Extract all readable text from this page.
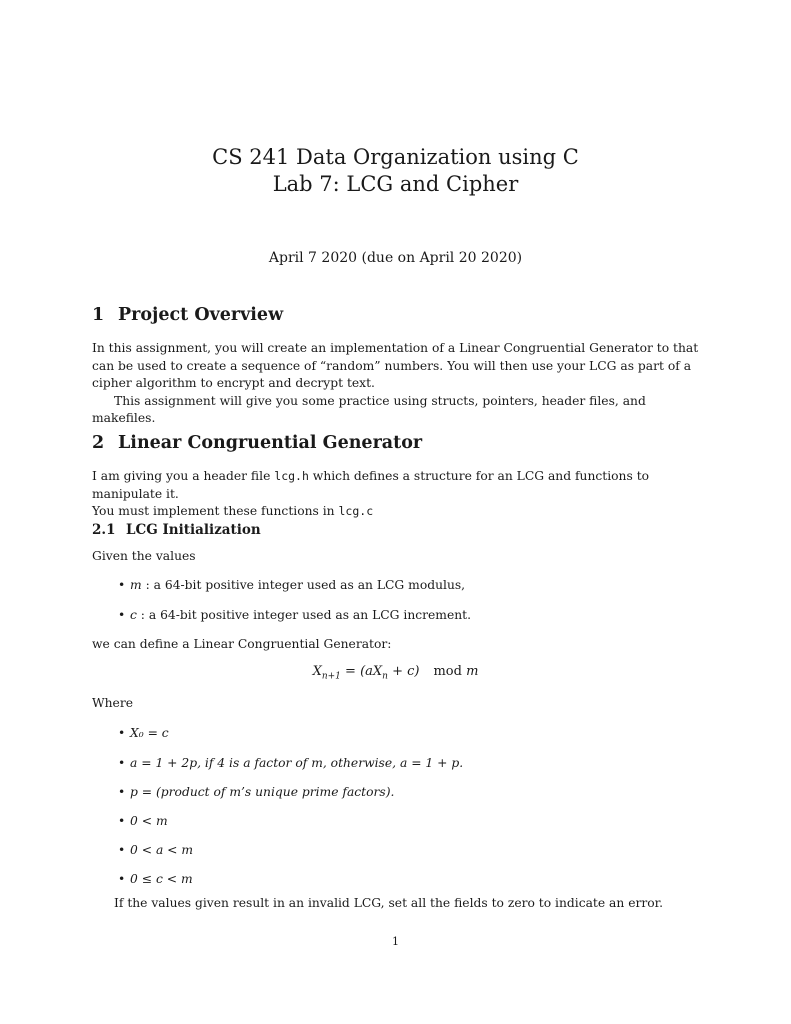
CS 241 Data Organization using C
Lab 7: LCG and Cipher
April 7 2020 (due on April 20 2020)
1 Project Overview
In this assignment, you will create an implementation of a Linear Congruential Generator to that can be used to create a sequence of “random” numbers. You will then use your LCG as part of a cipher algorithm to encrypt and decrypt text.
This assignment will give you some practice using structs, pointers, header files, and makefiles.
2 Linear Congruential Generator
I am giving you a header file lcg.h which defines a structure for an LCG and functions to manipulate it.
You must implement these functions in lcg.c
2.1 LCG Initialization
Given the values
• m : a 64-bit positive integer used as an LCG modulus,
• c : a 64-bit positive integer used as an LCG increment.
we can define a Linear Congruential Generator:
$X_{n+1} = (aX_n + c)$ mod m
Where
• X₀ = c
• a = 1 + 2p, if 4 is a factor of m, otherwise, a = 1 + p.
• p = (product of m’s unique prime factors).
• 0 < m
• 0 < a < m
• 0 ≤ c < m
If the values given result in an invalid LCG, set all the fields to zero to indicate an error.
1
